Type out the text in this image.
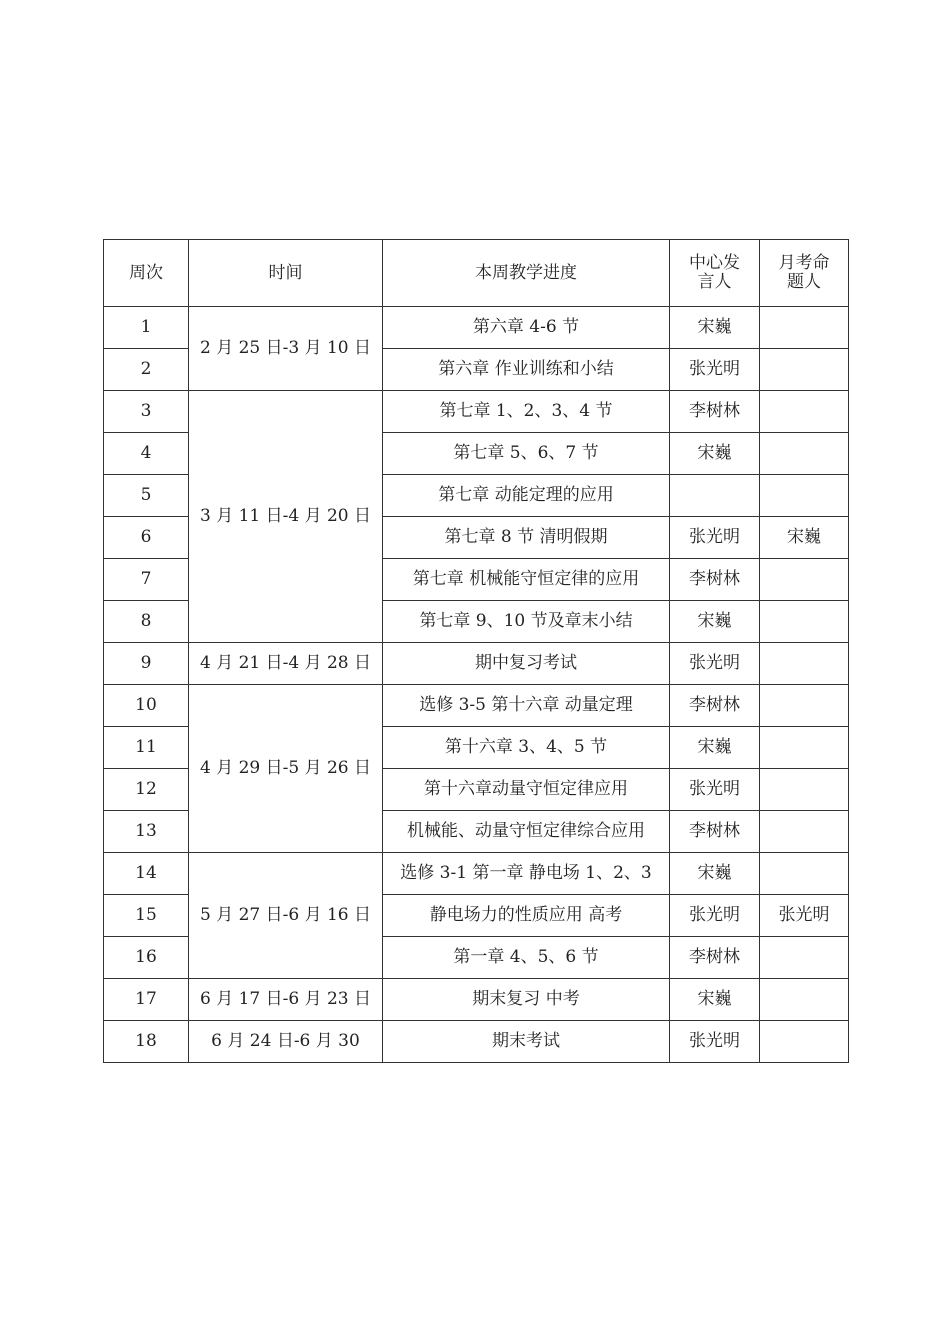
周次	时间	本周教学进度	中心发言人	月考命题人
1	2 月 25 日-3 月 10 日	第六章 4-6 节	宋巍	
2		第六章 作业训练和小结	张光明	
3	3 月 11 日-4 月 20 日	第七章 1、2、3、4 节	李树林	
4		第七章 5、6、7 节	宋巍	
5		第七章 动能定理的应用		
6		第七章 8 节 清明假期	张光明	宋巍
7		第七章 机械能守恒定律的应用	李树林	
8		第七章 9、10 节及章末小结	宋巍	
9	4 月 21 日-4 月 28 日	期中复习考试	张光明	
10	4 月 29 日-5 月 26 日	选修 3-5 第十六章 动量定理	李树林	
11		第十六章 3、4、5 节	宋巍	
12		第十六章动量守恒定律应用	张光明	
13		机械能、动量守恒定律综合应用	李树林	
14	5 月 27 日-6 月 16 日	选修 3-1 第一章 静电场 1、2、3	宋巍	
15		静电场力的性质应用 高考	张光明	张光明
16		第一章 4、5、6 节	李树林	
17	6 月 17 日-6 月 23 日	期末复习 中考	宋巍	
18	6 月 24 日-6 月 30	期末考试	张光明	
